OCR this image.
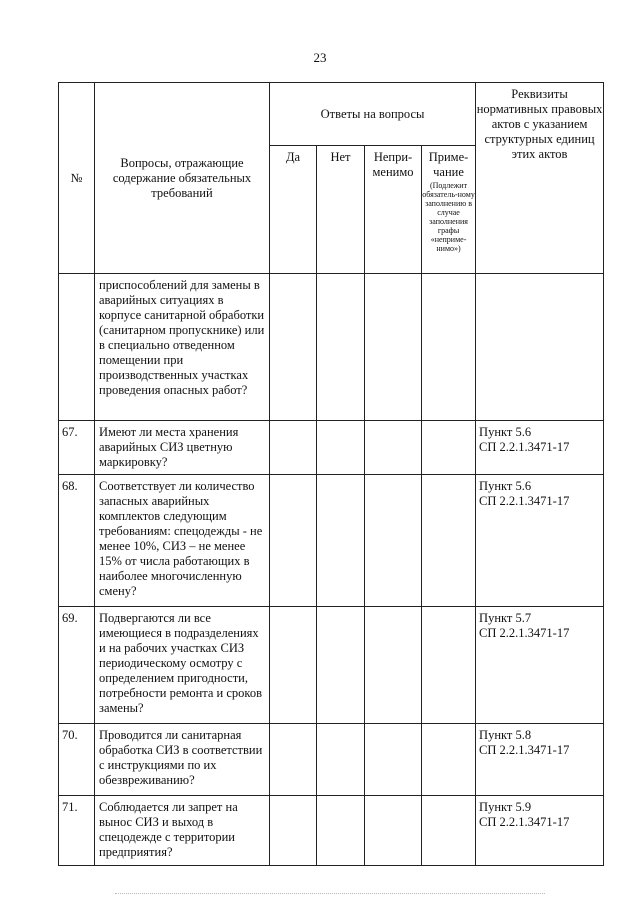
23
№	Вопросы, отражающие содержание обязательных требований	Ответы на вопросы				Реквизиты нормативных правовых актов с указанием структурных единиц этих актов
		Да	Нет	Непри-менимо	Приме-чание
(Подлежит обязатель-ному заполнению в случае заполнения графы «неприме-нимо»)	

	приспособлений для замены в аварийных ситуациях в корпусе санитарной обработки (санитарном пропускнике) или в специально отведенном помещении при производственных участках проведения опасных работ?					

67.	Имеют ли места хранения аварийных СИЗ цветную маркировку?					Пункт 5.6
СП 2.2.1.3471-17

68.	Соответствует ли количество запасных аварийных комплектов следующим требованиям: спецодежды - не менее 10%, СИЗ – не менее 15% от числа работающих в наиболее многочисленную смену?					Пункт 5.6
СП 2.2.1.3471-17

69.	Подвергаются ли все имеющиеся в подразделениях и на рабочих участках СИЗ периодическому осмотру с определением пригодности, потребности ремонта и сроков замены?					Пункт 5.7
СП 2.2.1.3471-17

70.	Проводится ли санитарная обработка СИЗ в соответствии с инструкциями по их обезвреживанию?					Пункт 5.8
СП 2.2.1.3471-17

71.	Соблюдается ли запрет на вынос СИЗ и выход в спецодежде с территории предприятия?					Пункт 5.9
СП 2.2.1.3471-17
